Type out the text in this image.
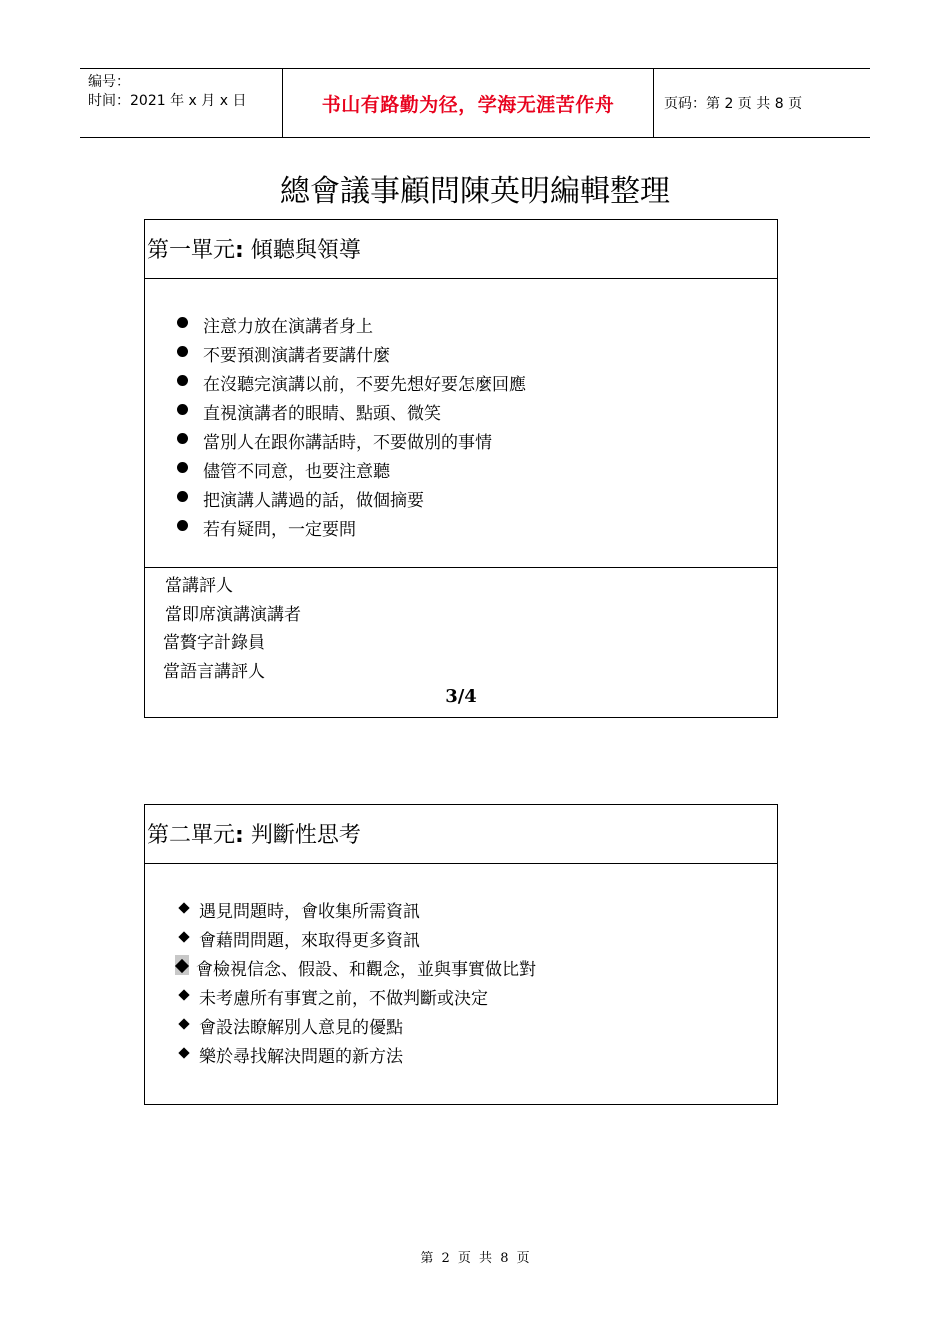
编号：
时间：2021 年 x 月 x 日	书山有路勤为径，学海无涯苦作舟	页码：第 2 页 共 8 页
總會議事顧問陳英明編輯整理
第一單元: 傾聽與領導
注意力放在演講者身上
不要預測演講者要講什麼
在沒聽完演講以前，不要先想好要怎麼回應
直視演講者的眼睛、點頭、微笑
當別人在跟你講話時，不要做別的事情
儘管不同意，也要注意聽
把演講人講過的話，做個摘要
若有疑問，一定要問
當講評人
當即席演講演講者
當贅字計錄員
當語言講評人
3/4
第二單元: 判斷性思考
遇見問題時，會收集所需資訊
會藉問問題，來取得更多資訊
會檢視信念、假設、和觀念，並與事實做比對
未考慮所有事實之前，不做判斷或決定
會設法瞭解別人意見的優點
樂於尋找解決問題的新方法
第 2 页 共 8 页
